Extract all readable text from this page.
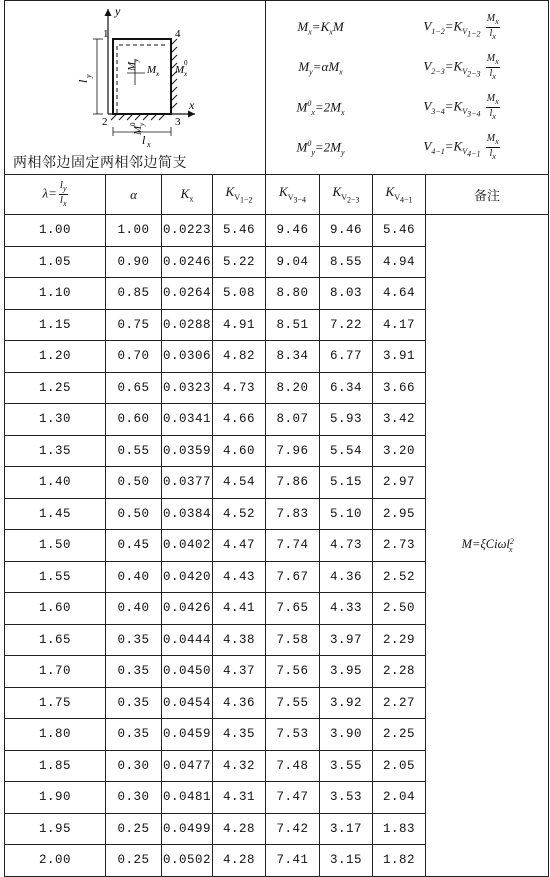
y
x
1
2	3
4
l
y
l x
M x
M
y
M x
0
M
y
0
两相邻边固定两相邻边简支

$M_x=K_xM$	$V_{1-2}=K_{V_{1-2}} \frac{M_x}{l_x}$

$M_y=\alpha M_x$	$V_{2-3}=K_{V_{2-3}} \frac{M_x}{l_x}$

$M^0_x=2M_x$	$V_{3-4}=K_{V_{3-4}} \frac{M_x}{l_x}$

$M^0_y=2M_y$	$V_{4-1}=K_{V_{4-1}} \frac{M_x}{l_x}$

$\lambda= \frac{l_y}{l_x}$	α	$K_x$	$K_{V_{1-2}}$	$K_{V_{3-4}}$	$K_{V_{2-3}}$	$K_{V_{4-1}}$	备注
1.00	1.00	0.0223	5.46	9.46	9.46	5.46	M=ξCiωl$^2_x$
1.05	0.90	0.0246	5.22	9.04	8.55	4.94
1.10	0.85	0.0264	5.08	8.80	8.03	4.64
1.15	0.75	0.0288	4.91	8.51	7.22	4.17
1.20	0.70	0.0306	4.82	8.34	6.77	3.91
1.25	0.65	0.0323	4.73	8.20	6.34	3.66
1.30	0.60	0.0341	4.66	8.07	5.93	3.42
1.35	0.55	0.0359	4.60	7.96	5.54	3.20
1.40	0.50	0.0377	4.54	7.86	5.15	2.97
1.45	0.50	0.0384	4.52	7.83	5.10	2.95
1.50	0.45	0.0402	4.47	7.74	4.73	2.73
1.55	0.40	0.0420	4.43	7.67	4.36	2.52
1.60	0.40	0.0426	4.41	7.65	4.33	2.50
1.65	0.35	0.0444	4.38	7.58	3.97	2.29
1.70	0.35	0.0450	4.37	7.56	3.95	2.28
1.75	0.35	0.0454	4.36	7.55	3.92	2.27
1.80	0.35	0.0459	4.35	7.53	3.90	2.25
1.85	0.30	0.0477	4.32	7.48	3.55	2.05
1.90	0.30	0.0481	4.31	7.47	3.53	2.04
1.95	0.25	0.0499	4.28	7.42	3.17	1.83
2.00	0.25	0.0502	4.28	7.41	3.15	1.82
